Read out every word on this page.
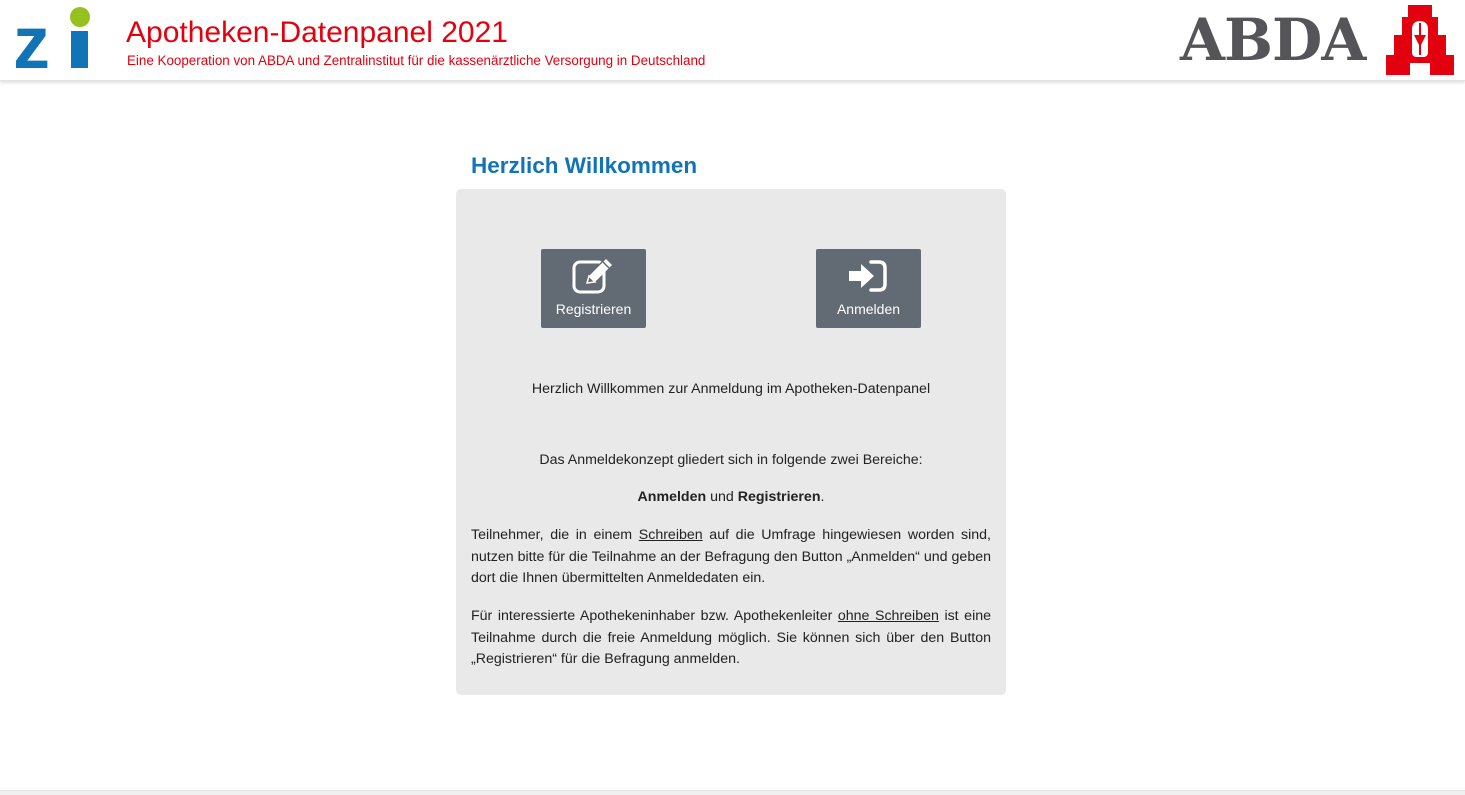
z	Apotheken-Datenpanel 2021
Eine Kooperation von ABDA und Zentralinstitut für die kassenärztliche Versorgung in Deutschland	ABDA
Herzlich Willkommen
Registrieren	Anmelden
Herzlich Willkommen zur Anmeldung im Apotheken-Datenpanel
Das Anmeldekonzept gliedert sich in folgende zwei Bereiche:
Anmelden und Registrieren.
Teilnehmer, die in einem Schreiben auf die Umfrage hingewiesen worden sind, nutzen bitte für die Teilnahme an der Befragung den Button „Anmelden“ und geben dort die Ihnen übermittelten Anmeldedaten ein.
Für interessierte Apothekeninhaber bzw. Apothekenleiter ohne Schreiben ist eine Teilnahme durch die freie Anmeldung möglich. Sie können sich über den Button „Registrieren“ für die Befragung anmelden.
